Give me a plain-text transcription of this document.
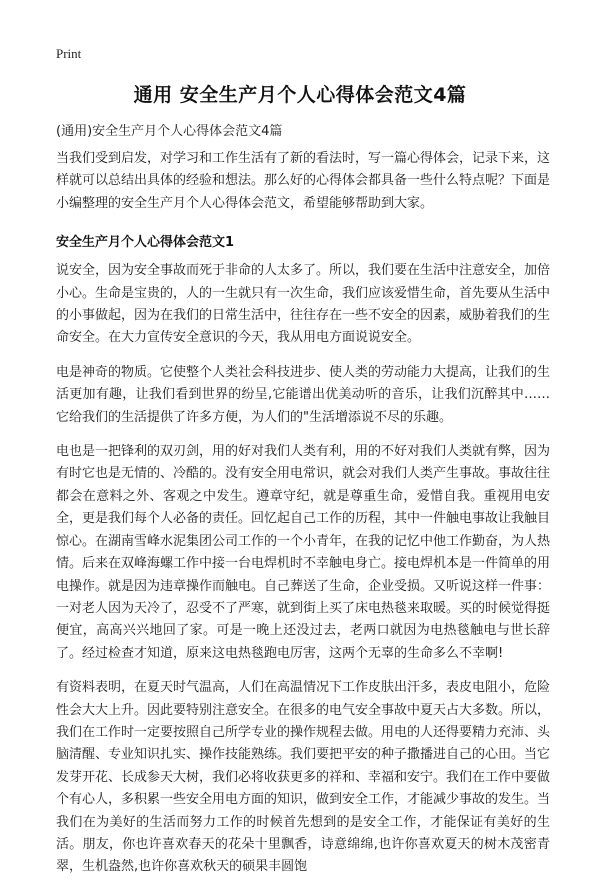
Print
通用 安全生产月个人心得体会范文4篇

(通用)安全生产月个人心得体会范文4篇

当我们受到启发，对学习和工作生活有了新的看法时，写一篇心得体会，记录下来，这样就可以总结出具体的经验和想法。那么好的心得体会都具备一些什么特点呢？下面是小编整理的安全生产月个人心得体会范文，希望能够帮助到大家。

安全生产月个人心得体会范文1

说安全，因为安全事故而死于非命的人太多了。所以，我们要在生活中注意安全，加倍小心。生命是宝贵的，人的一生就只有一次生命，我们应该爱惜生命，首先要从生活中的小事做起，因为在我们的日常生活中，往往存在一些不安全的因素，威胁着我们的生命安全。在大力宣传安全意识的今天，我从用电方面说说安全。

电是神奇的物质。它使整个人类社会科技进步、使人类的劳动能力大提高，让我们的生活更加有趣，让我们看到世界的纷呈,它能谱出优美动听的音乐，让我们沉醉其中……它给我们的生活提供了许多方便，为人们的"生活增添说不尽的乐趣。

电也是一把锋利的双刃剑，用的好对我们人类有利，用的不好对我们人类就有弊，因为有时它也是无情的、冷酷的。没有安全用电常识，就会对我们人类产生事故。事故往往都会在意料之外、客观之中发生。遵章守纪，就是尊重生命，爱惜自我。重视用电安全，更是我们每个人必备的责任。回忆起自己工作的历程，其中一件触电事故让我触目惊心。在湖南雪峰水泥集团公司工作的一个小青年，在我的记忆中他工作勤奋，为人热情。后来在双峰海螺工作中接一台电焊机时不幸触电身亡。接电焊机本是一件简单的用电操作。就是因为违章操作而触电。自己葬送了生命，企业受损。又听说这样一件事：一对老人因为天冷了，忍受不了严寒，就到街上买了床电热毯来取暖。买的时候觉得挺便宜，高高兴兴地回了家。可是一晚上还没过去，老两口就因为电热毯触电与世长辞了。经过检查才知道，原来这电热毯跑电厉害，这两个无辜的生命多么不幸啊!

有资料表明，在夏天时气温高，人们在高温情况下工作皮肤出汗多，表皮电阻小，危险性会大大上升。因此要特别注意安全。在很多的电气安全事故中夏天占大多数。所以，我们在工作时一定要按照自己所学专业的操作规程去做。用电的人还得要精力充沛、头脑清醒、专业知识扎实、操作技能熟练。我们要把平安的种子撒播进自己的心田。当它发芽开花、长成参天大树，我们必将收获更多的祥和、幸福和安宁。我们在工作中要做个有心人，多积累一些安全用电方面的知识，做到安全工作，才能减少事故的发生。当我们在为美好的生活而努力工作的时候首先想到的是安全工作，才能保证有美好的生活。朋友，你也许喜欢春天的花朵十里飘香，诗意绵绵,也许你喜欢夏天的树木茂密青翠，生机盎然,也许你喜欢秋天的硕果丰圆饱
